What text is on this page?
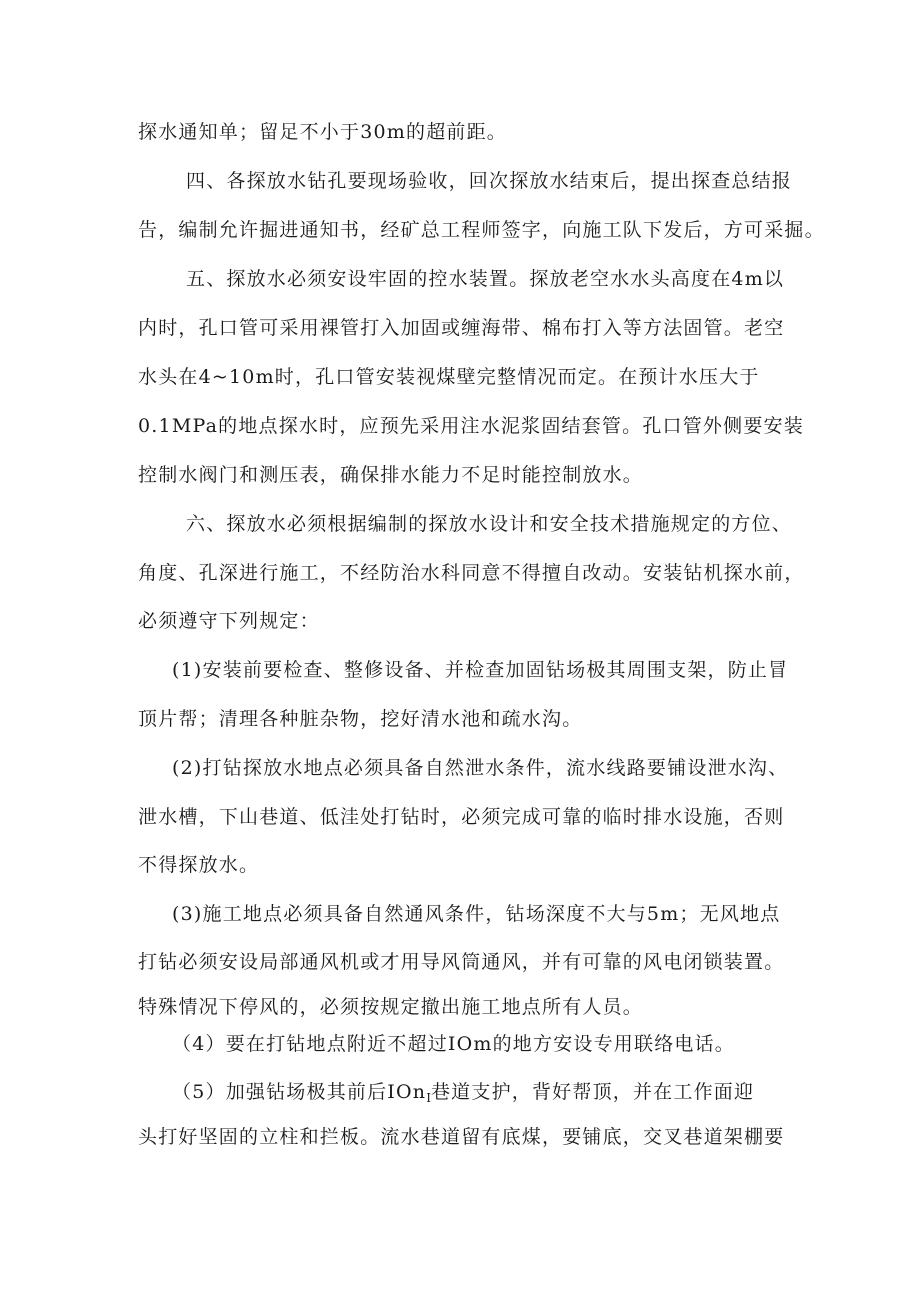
探水通知单；留足不小于30m的超前距。
四、各探放水钻孔要现场验收，回次探放水结束后，提出探查总结报
告，编制允许掘进通知书，经矿总工程师签字，向施工队下发后，方可采掘。
五、探放水必须安设牢固的控水装置。探放老空水水头高度在4m以
内时，孔口管可采用裸管打入加固或缠海带、棉布打入等方法固管。老空
水头在4~10m时，孔口管安装视煤壁完整情况而定。在预计水压大于
0.1MPa的地点探水时，应预先采用注水泥浆固结套管。孔口管外侧要安装
控制水阀门和测压表，确保排水能力不足时能控制放水。
六、探放水必须根据编制的探放水设计和安全技术措施规定的方位、
角度、孔深进行施工，不经防治水科同意不得擅自改动。安装钻机探水前，
必须遵守下列规定：
(1)安装前要检查、整修设备、并检查加固钻场极其周围支架，防止冒
顶片帮；清理各种脏杂物，挖好清水池和疏水沟。
(2)打钻探放水地点必须具备自然泄水条件，流水线路要铺设泄水沟、
泄水槽，下山巷道、低洼处打钻时，必须完成可靠的临时排水设施，否则
不得探放水。
(3)施工地点必须具备自然通风条件，钻场深度不大与5m；无风地点
打钻必须安设局部通风机或才用导风筒通风，并有可靠的风电闭锁装置。
特殊情况下停风的，必须按规定撤出施工地点所有人员。
（4）要在打钻地点附近不超过IOm的地方安设专用联络电话。
（5）加强钻场极其前后IOn$_I$巷道支护，背好帮顶，并在工作面迎
头打好坚固的立柱和拦板。流水巷道留有底煤，要铺底，交叉巷道架棚要
